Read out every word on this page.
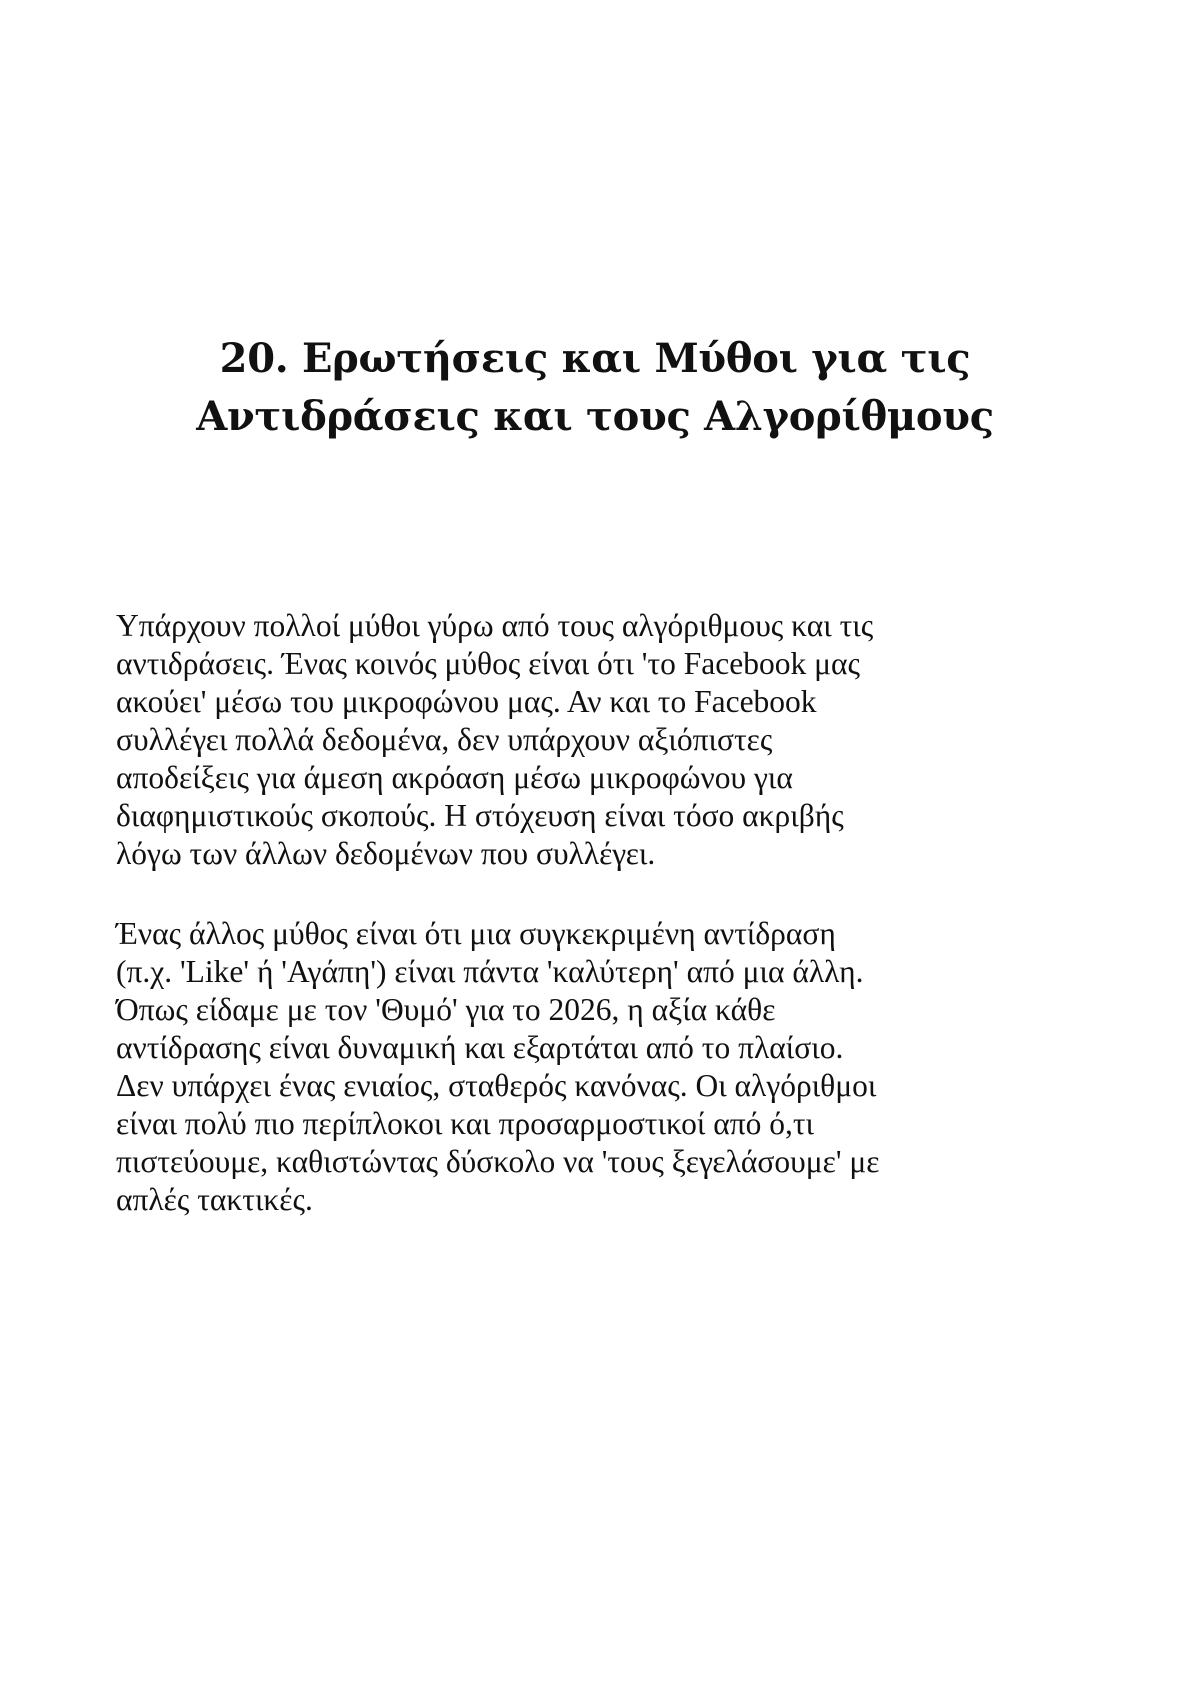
20. Ερωτήσεις και Μύθοι για τις
Αντιδράσεις και τους Αλγορίθμους

Υπάρχουν πολλοί μύθοι γύρω από τους αλγόριθμους και τις
αντιδράσεις. Ένας κοινός μύθος είναι ότι 'το Facebook μας
ακούει' μέσω του μικροφώνου μας. Αν και το Facebook
συλλέγει πολλά δεδομένα, δεν υπάρχουν αξιόπιστες
αποδείξεις για άμεση ακρόαση μέσω μικροφώνου για
διαφημιστικούς σκοπούς. Η στόχευση είναι τόσο ακριβής
λόγω των άλλων δεδομένων που συλλέγει.

Ένας άλλος μύθος είναι ότι μια συγκεκριμένη αντίδραση
(π.χ. 'Like' ή 'Αγάπη') είναι πάντα 'καλύτερη' από μια άλλη.
Όπως είδαμε με τον 'Θυμό' για το 2026, η αξία κάθε
αντίδρασης είναι δυναμική και εξαρτάται από το πλαίσιο.
Δεν υπάρχει ένας ενιαίος, σταθερός κανόνας. Οι αλγόριθμοι
είναι πολύ πιο περίπλοκοι και προσαρμοστικοί από ό,τι
πιστεύουμε, καθιστώντας δύσκολο να 'τους ξεγελάσουμε' με
απλές τακτικές.
